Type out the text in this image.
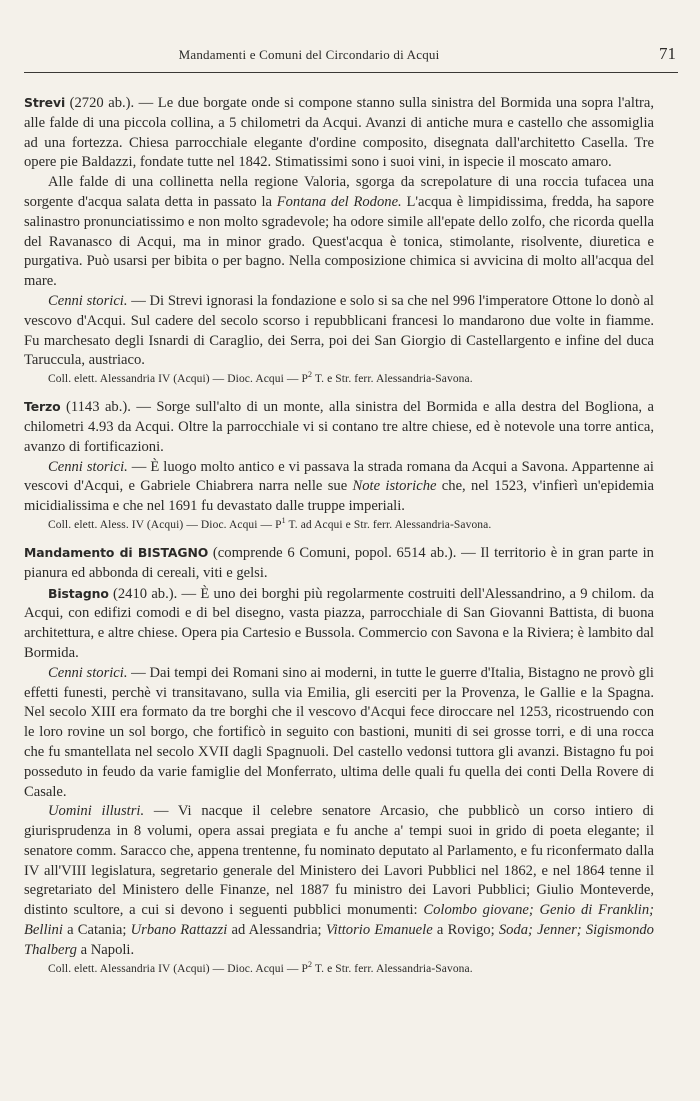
Mandamenti e Comuni del Circondario di Acqui	71

Strevi (2720 ab.). — Le due borgate onde si compone stanno sulla sinistra del Bormida una sopra l'altra, alle falde di una piccola collina, a 5 chilometri da Acqui. Avanzi di antiche mura e castello che assomiglia ad una fortezza. Chiesa parrocchiale elegante d'ordine composito, disegnata dall'architetto Casella. Tre opere pie Baldazzi, fondate tutte nel 1842. Stimatissimi sono i suoi vini, in ispecie il moscato amaro.

Alle falde di una collinetta nella regione Valoria, sgorga da screpolature di una roccia tufacea una sorgente d'acqua salata detta in passato la Fontana del Rodone. L'acqua è limpidissima, fredda, ha sapore salinastro pronunciatissimo e non molto sgradevole; ha odore simile all'epate dello zolfo, che ricorda quella del Ravanasco di Acqui, ma in minor grado. Quest'acqua è tonica, stimolante, risolvente, diuretica e purgativa. Può usarsi per bibita o per bagno. Nella composizione chimica si avvicina di molto all'acqua del mare.

Cenni storici. — Di Strevi ignorasi la fondazione e solo si sa che nel 996 l'imperatore Ottone lo donò al vescovo d'Acqui. Sul cadere del secolo scorso i repubblicani francesi lo mandarono due volte in fiamme. Fu marchesato degli Isnardi di Caraglio, dei Serra, poi dei San Giorgio di Castellargento e infine del duca Taruccula, austriaco.

Coll. elett. Alessandria IV (Acqui) — Dioc. Acqui — $P^2$ T. e Str. ferr. Alessandria-Savona.

Terzo (1143 ab.). — Sorge sull'alto di un monte, alla sinistra del Bormida e alla destra del Bogliona, a chilometri 4.93 da Acqui. Oltre la parrocchiale vi si contano tre altre chiese, ed è notevole una torre antica, avanzo di fortificazioni.

Cenni storici. — È luogo molto antico e vi passava la strada romana da Acqui a Savona. Appartenne ai vescovi d'Acqui, e Gabriele Chiabrera narra nelle sue Note istoriche che, nel 1523, v'infierì un'epidemia micidialissima e che nel 1691 fu devastato dalle truppe imperiali.

Coll. elett. Aless. IV (Acqui) — Dioc. Acqui — $P^1$ T. ad Acqui e Str. ferr. Alessandria-Savona.

Mandamento di BISTAGNO (comprende 6 Comuni, popol. 6514 ab.). — Il territorio è in gran parte in pianura ed abbonda di cereali, viti e gelsi.

Bistagno (2410 ab.). — È uno dei borghi più regolarmente costruiti dell'Alessandrino, a 9 chilom. da Acqui, con edifizi comodi e di bel disegno, vasta piazza, parrocchiale di San Giovanni Battista, di buona architettura, e altre chiese. Opera pia Cartesio e Bussola. Commercio con Savona e la Riviera; è lambito dal Bormida.

Cenni storici. — Dai tempi dei Romani sino ai moderni, in tutte le guerre d'Italia, Bistagno ne provò gli effetti funesti, perchè vi transitavano, sulla via Emilia, gli eserciti per la Provenza, le Gallie e la Spagna. Nel secolo XIII era formato da tre borghi che il vescovo d'Acqui fece diroccare nel 1253, ricostruendo con le loro rovine un sol borgo, che fortificò in seguito con bastioni, muniti di sei grosse torri, e di una rocca che fu smantellata nel secolo XVII dagli Spagnuoli. Del castello vedonsi tuttora gli avanzi. Bistagno fu poi posseduto in feudo da varie famiglie del Monferrato, ultima delle quali fu quella dei conti Della Rovere di Casale.

Uomini illustri. — Vi nacque il celebre senatore Arcasio, che pubblicò un corso intiero di giurisprudenza in 8 volumi, opera assai pregiata e fu anche a' tempi suoi in grido di poeta elegante; il senatore comm. Saracco che, appena trentenne, fu nominato deputato al Parlamento, e fu riconfermato dalla IV all'VIII legislatura, segretario generale del Ministero dei Lavori Pubblici nel 1862, e nel 1864 tenne il segretariato del Ministero delle Finanze, nel 1887 fu ministro dei Lavori Pubblici; Giulio Monteverde, distinto scultore, a cui si devono i seguenti pubblici monumenti: Colombo giovane; Genio di Franklin; Bellini a Catania; Urbano Rattazzi ad Alessandria; Vittorio Emanuele a Rovigo; Soda; Jenner; Sigismondo Thalberg a Napoli.

Coll. elett. Alessandria IV (Acqui) — Dioc. Acqui — $P^2$ T. e Str. ferr. Alessandria-Savona.
